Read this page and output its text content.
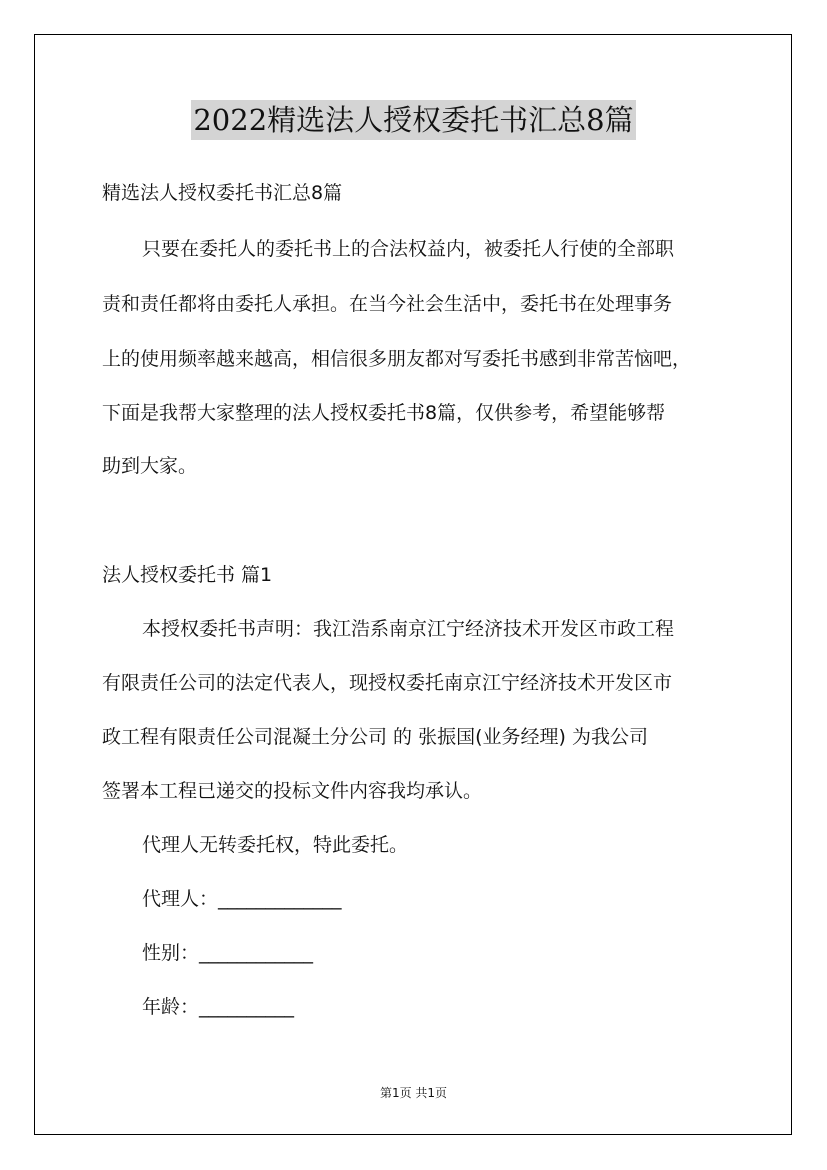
2022精选法人授权委托书汇总8篇
精选法人授权委托书汇总8篇
只要在委托人的委托书上的合法权益内，被委托人行使的全部职
责和责任都将由委托人承担。在当今社会生活中，委托书在处理事务
上的使用频率越来越高，相信很多朋友都对写委托书感到非常苦恼吧，
下面是我帮大家整理的法人授权委托书8篇，仅供参考，希望能够帮
助到大家。
法人授权委托书 篇1
本授权委托书声明：我江浩系南京江宁经济技术开发区市政工程
有限责任公司的法定代表人，现授权委托南京江宁经济技术开发区市
政工程有限责任公司混凝土分公司 的 张振国(业务经理) 为我公司
签署本工程已递交的投标文件内容我均承认。
代理人无转委托权，特此委托。
代理人：_____________
性别：____________
年龄：__________
第1页 共1页
